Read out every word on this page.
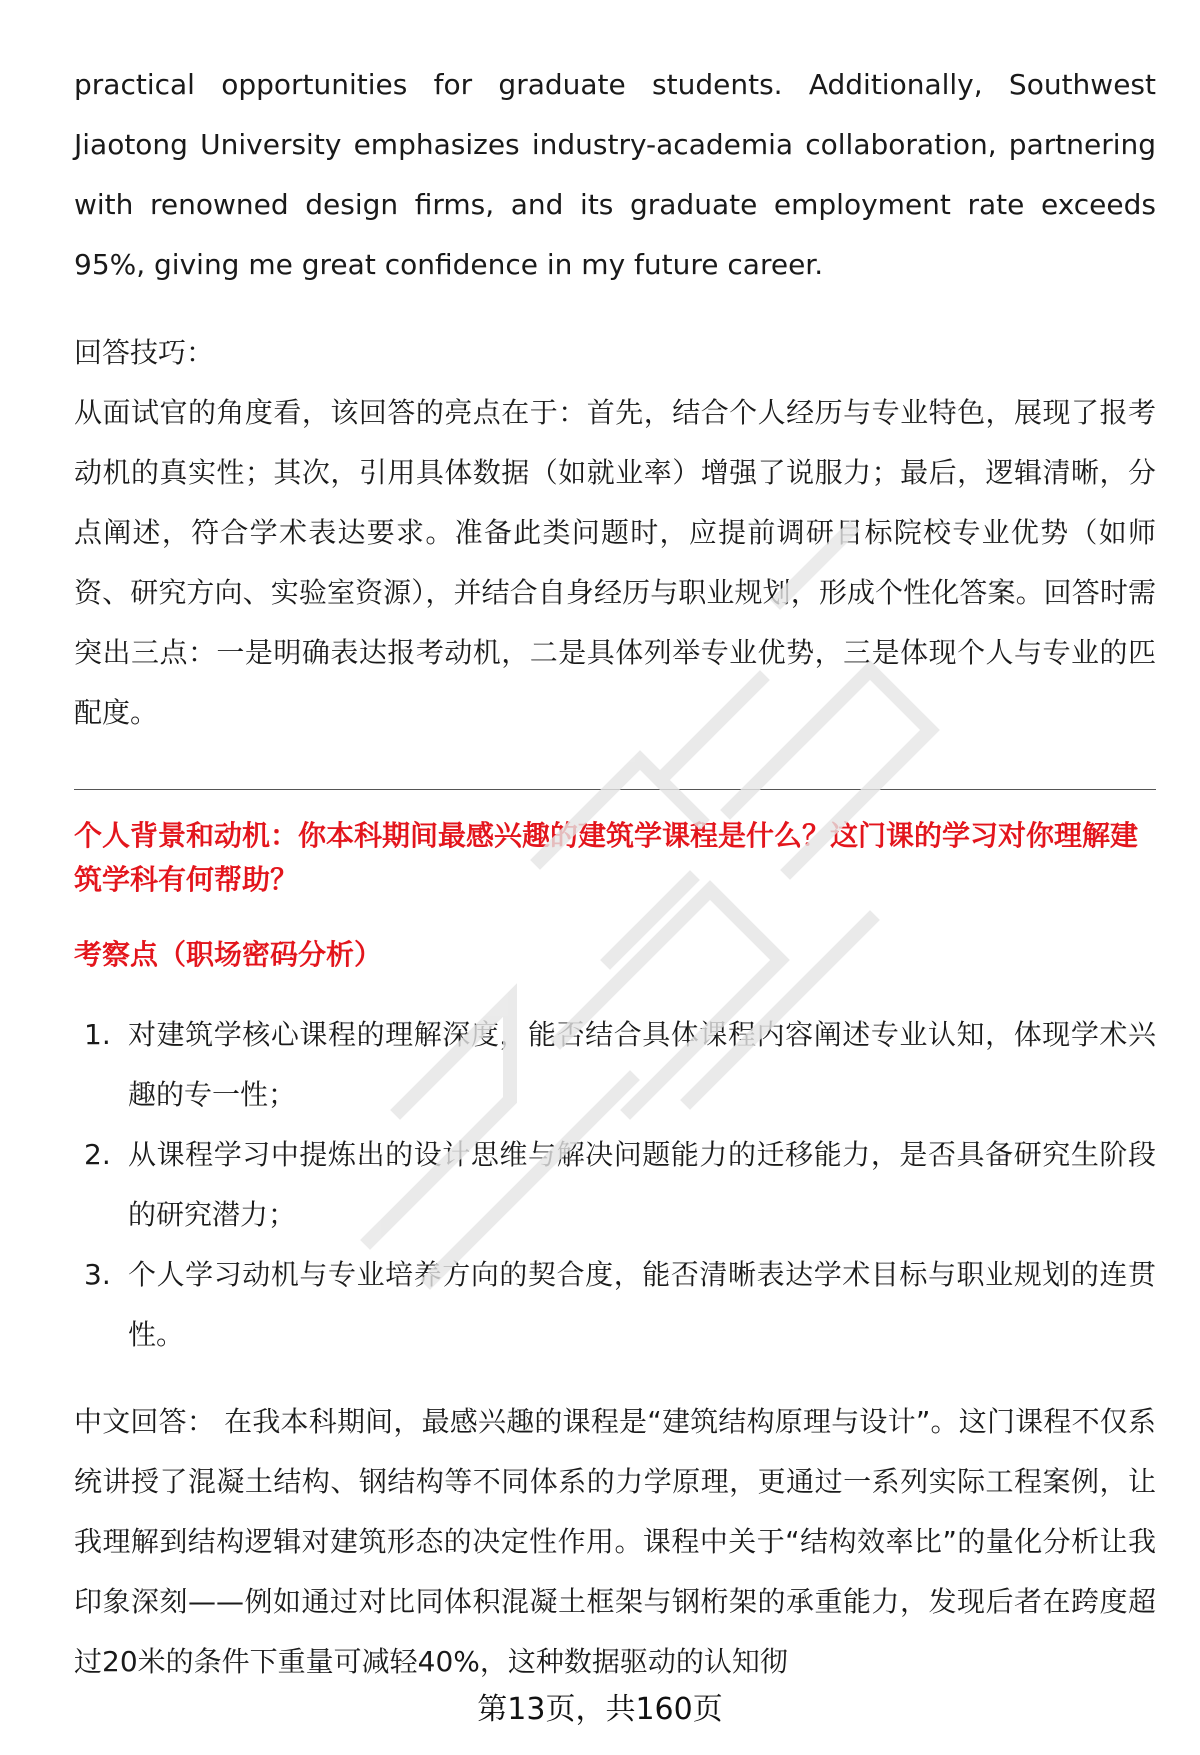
practical opportunities for graduate students. Additionally, Southwest Jiaotong University emphasizes industry-academia collaboration, partnering with renowned design firms, and its graduate employment rate exceeds 95%, giving me great confidence in my future career.

回答技巧：

从面试官的角度看，该回答的亮点在于：首先，结合个人经历与专业特色，展现了报考动机的真实性；其次，引用具体数据（如就业率）增强了说服力；最后，逻辑清晰，分点阐述，符合学术表达要求。准备此类问题时，应提前调研目标院校专业优势（如师资、研究方向、实验室资源），并结合自身经历与职业规划，形成个性化答案。回答时需突出三点：一是明确表达报考动机，二是具体列举专业优势，三是体现个人与专业的匹配度。

个人背景和动机：你本科期间最感兴趣的建筑学课程是什么？这门课的学习对你理解建筑学科有何帮助？
考察点（职场密码分析）
1. 对建筑学核心课程的理解深度，能否结合具体课程内容阐述专业认知，体现学术兴趣的专一性；
2. 从课程学习中提炼出的设计思维与解决问题能力的迁移能力，是否具备研究生阶段的研究潜力；
3. 个人学习动机与专业培养方向的契合度，能否清晰表达学术目标与职业规划的连贯性。

中文回答： 在我本科期间，最感兴趣的课程是“建筑结构原理与设计”。这门课程不仅系统讲授了混凝土结构、钢结构等不同体系的力学原理，更通过一系列实际工程案例，让我理解到结构逻辑对建筑形态的决定性作用。课程中关于“结构效率比”的量化分析让我印象深刻——例如通过对比同体积混凝土框架与钢桁架的承重能力，发现后者在跨度超过20米的条件下重量可减轻40%，这种数据驱动的认知彻

第13页，共160页
